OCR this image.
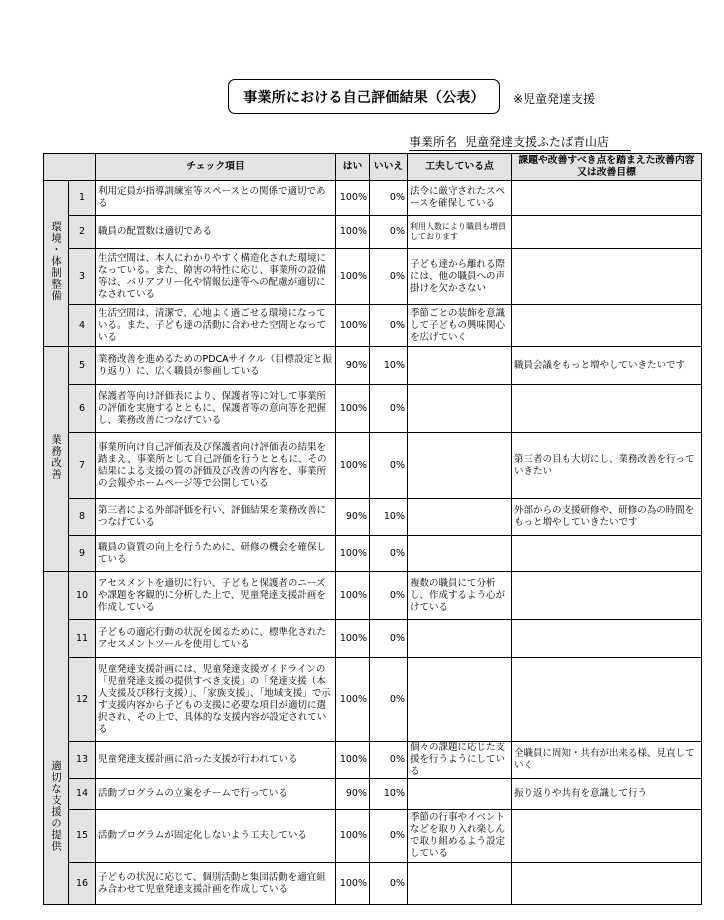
事業所における自己評価結果（公表） ※児童発達支援
事業所名 児童発達支援ふたば青山店
		チェック項目	はい	いいえ	工夫している点	課題や改善すべき点を踏まえた改善内容又は改善目標
環境・体制整備	1	利用定員が指導訓練室等スペースとの関係で適切である	100%	0%	法令に厳守されたスペースを確保している	
	2	職員の配置数は適切である	100%	0%	利用人数により職員も増員しております	
	3	生活空間は、本人にわかりやすく構造化された環境になっている。また、障害の特性に応じ、事業所の設備等は、バリアフリー化や情報伝達等への配慮が適切になされている	100%	0%	子ども達から離れる際には、他の職員への声掛けを欠かさない	
	4	生活空間は、清潔で、心地よく過ごせる環境になっている。また、子ども達の活動に合わせた空間となっている	100%	0%	季節ごとの装飾を意識して子どもの興味関心を広げていく	
業務改善	5	業務改善を進めるためのPDCAサイクル（目標設定と振り返り）に、広く職員が参画している	90%	10%		職員会議をもっと増やしていきたいです
	6	保護者等向け評価表により、保護者等に対して事業所の評価を実施するとともに、保護者等の意向等を把握し、業務改善につなげている	100%	0%		
	7	事業所向け自己評価表及び保護者向け評価表の結果を踏まえ、事業所として自己評価を行うとともに、その結果による支援の質の評価及び改善の内容を、事業所の会報やホームページ等で公開している	100%	0%		第三者の目も大切にし、業務改善を行っていきたい
	8	第三者による外部評価を行い、評価結果を業務改善につなげている	90%	10%		外部からの支援研修や、研修の為の時間をもっと増やしていきたいです
	9	職員の資質の向上を行うために、研修の機会を確保している	100%	0%		
適切な支援の提供	10	アセスメントを適切に行い、子どもと保護者のニーズや課題を客観的に分析した上で、児童発達支援計画を作成している	100%	0%	複数の職員にて分析し、作成するよう心がけている	
	11	子どもの適応行動の状況を図るために、標準化されたアセスメントツールを使用している	100%	0%		
	12	児童発達支援計画には、児童発達支援ガイドラインの「児童発達支援の提供すべき支援」の「発達支援（本人支援及び移行支援）」、「家族支援」、「地域支援」で示す支援内容から子どもの支援に必要な項目が適切に選択され、その上で、具体的な支援内容が設定されている	100%	0%		
	13	児童発達支援計画に沿った支援が行われている	100%	0%	個々の課題に応じた支援を行うようにしている	全職員に周知・共有が出来る様、見直していく
	14	活動プログラムの立案をチームで行っている	90%	10%		振り返りや共有を意識して行う
	15	活動プログラムが固定化しないよう工夫している	100%	0%	季節の行事やイベントなどを取り入れ楽しんで取り組めるよう設定している	
	16	子どもの状況に応じて、個別活動と集団活動を適宜組み合わせて児童発達支援計画を作成している	100%	0%		
